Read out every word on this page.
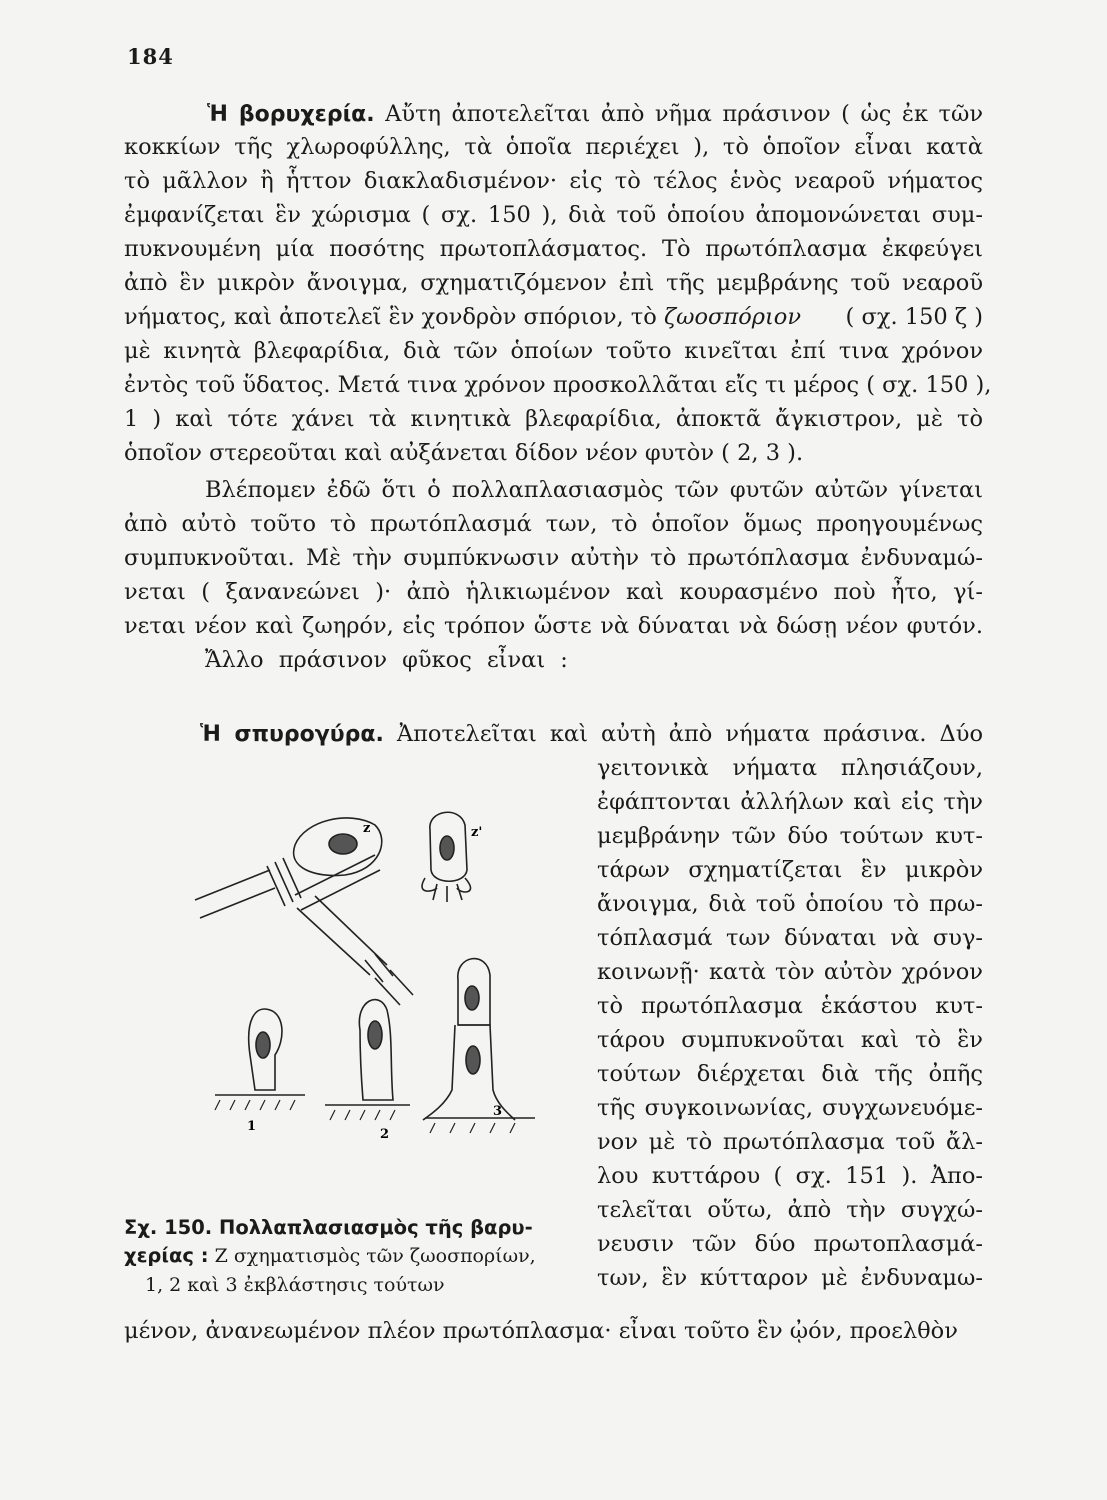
184
Ἡ βορυχερία. Αὔτη ἀποτελεῖται ἀπὸ νῆμα πράσινον ( ὡς ἐκ τῶν
κοκκίων τῆς χλωροφύλλης, τὰ ὁποῖα περιέχει ), τὸ ὁποῖον εἶναι κατὰ
τὸ μᾶλλον ἢ ἧττον διακλαδισμένον· εἰς τὸ τέλος ἑνὸς νεαροῦ νήματος
ἐμφανίζεται ἓν χώρισμα ( σχ. 150 ), διὰ τοῦ ὁποίου ἀπομονώνεται συμ-
πυκνουμένη μία ποσότης πρωτοπλάσματος. Τὸ πρωτόπλασμα ἐκφεύγει
ἀπὸ ἓν μικρὸν ἄνοιγμα, σχηματιζόμενον ἐπὶ τῆς μεμβράνης τοῦ νεαροῦ
νήματος, καὶ ἀποτελεῖ ἓν χονδρὸν σπόριον, τὸ ζωοσπόριον ( σχ. 150 ζ )
μὲ κινητὰ βλεφαρίδια, διὰ τῶν ὁποίων τοῦτο κινεῖται ἐπί τινα χρόνον
ἐντὸς τοῦ ὕδατος. Μετά τινα χρόνον προσκολλᾶται εἴς τι μέρος ( σχ. 150 ),
1 ) καὶ τότε χάνει τὰ κινητικὰ βλεφαρίδια, ἀποκτᾶ ἄγκιστρον, μὲ τὸ
ὁποῖον στερεοῦται καὶ αὐξάνεται δίδον νέον φυτὸν ( 2, 3 ).
Βλέπομεν ἐδῶ ὅτι ὁ πολλαπλασιασμὸς τῶν φυτῶν αὐτῶν γίνεται
ἀπὸ αὐτὸ τοῦτο τὸ πρωτόπλασμά των, τὸ ὁποῖον ὅμως προηγουμένως
συμπυκνοῦται. Μὲ τὴν συμπύκνωσιν αὐτὴν τὸ πρωτόπλασμα ἐνδυναμώ-
νεται ( ξανανεώνει )· ἀπὸ ἡλικιωμένον καὶ κουρασμένο ποὺ ἦτο, γί-
νεται νέον καὶ ζωηρόν, εἰς τρόπον ὥστε νὰ δύναται νὰ δώσῃ νέον φυτόν.
Ἄλλο πράσινον φῦκος εἶναι :
Ἡ σπυρογύρα. Ἀποτελεῖται καὶ αὐτὴ ἀπὸ νήματα πράσινα. Δύο
γειτονικὰ νήματα πλησιάζουν,
ἐφάπτονται ἀλλήλων καὶ εἰς τὴν
μεμβράνην τῶν δύο τούτων κυτ-
τάρων σχηματίζεται ἓν μικρὸν
ἄνοιγμα, διὰ τοῦ ὁποίου τὸ πρω-
τόπλασμά των δύναται νὰ συγ-
κοινωνῇ· κατὰ τὸν αὐτὸν χρόνον
τὸ πρωτόπλασμα ἑκάστου κυτ-
τάρου συμπυκνοῦται καὶ τὸ ἓν
τούτων διέρχεται διὰ τῆς ὀπῆς
τῆς συγκοινωνίας, συγχωνευόμε-
νον μὲ τὸ πρωτόπλασμα τοῦ ἄλ-
λου κυττάρου ( σχ. 151 ). Ἀπο-
τελεῖται οὕτω, ἀπὸ τὴν συγχώ-
νευσιν τῶν δύο πρωτοπλασμά-
των, ἓν κύτταρον μὲ ἐνδυναμω-
z	z'
1
2
3
Σχ. 150. Πολλαπλασιασμὸς τῆς βαρυ-
χερίας : Ζ σχηματισμὸς τῶν ζωοσπορίων,
1, 2 καὶ 3 ἐκβλάστησις τούτων
μένον, ἀνανεωμένον πλέον πρωτόπλασμα· εἶναι τοῦτο ἓν ᾠόν, προελθὸν
